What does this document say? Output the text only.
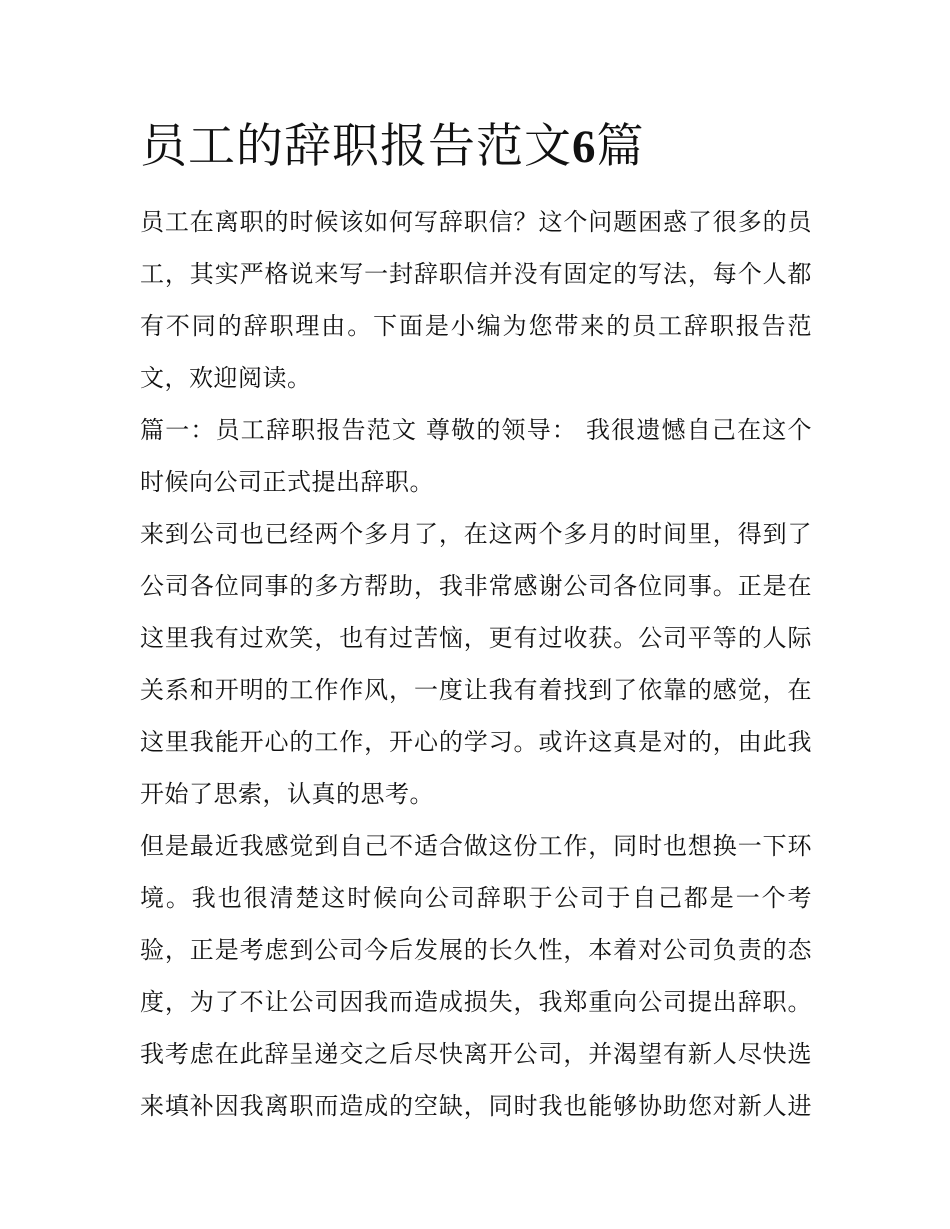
员工的辞职报告范文6篇

员工在离职的时候该如何写辞职信？这个问题困惑了很多的员
工，其实严格说来写一封辞职信并没有固定的写法，每个人都
有不同的辞职理由。下面是小编为您带来的员工辞职报告范
文，欢迎阅读。

篇一：员工辞职报告范文 尊敬的领导： 我很遗憾自己在这个
时候向公司正式提出辞职。

来到公司也已经两个多月了，在这两个多月的时间里，得到了
公司各位同事的多方帮助，我非常感谢公司各位同事。正是在
这里我有过欢笑，也有过苦恼，更有过收获。公司平等的人际
关系和开明的工作作风，一度让我有着找到了依靠的感觉，在
这里我能开心的工作，开心的学习。或许这真是对的，由此我
开始了思索，认真的思考。

但是最近我感觉到自己不适合做这份工作，同时也想换一下环
境。我也很清楚这时候向公司辞职于公司于自己都是一个考
验，正是考虑到公司今后发展的长久性，本着对公司负责的态
度，为了不让公司因我而造成损失，我郑重向公司提出辞职。
我考虑在此辞呈递交之后尽快离开公司，并渴望有新人尽快选
来填补因我离职而造成的空缺，同时我也能够协助您对新人进
